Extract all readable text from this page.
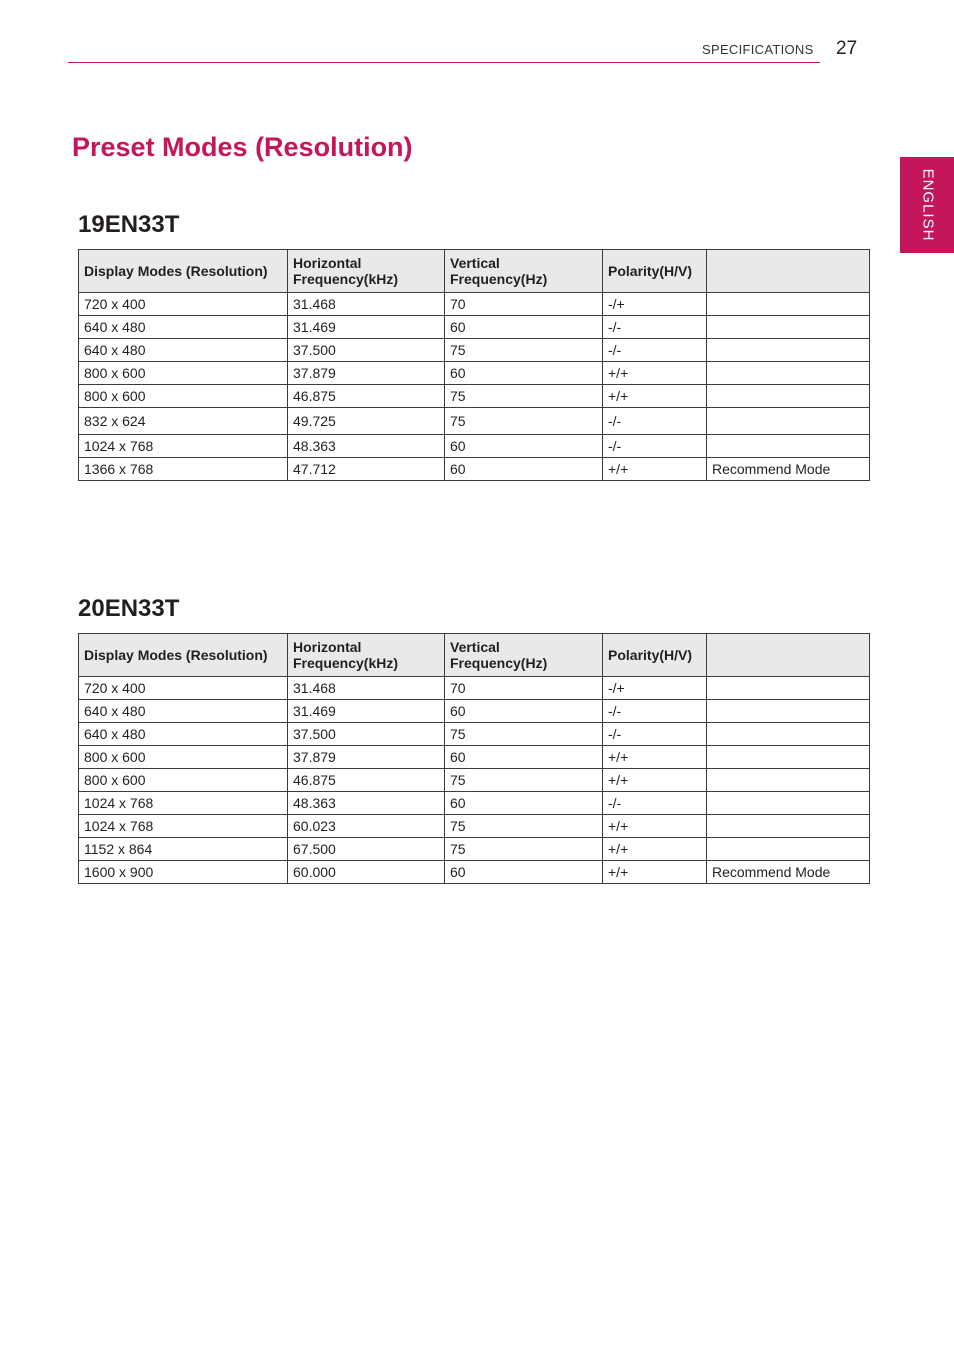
SPECIFICATIONS 27
ENGLISH
Preset Modes (Resolution)
19EN33T
Display Modes (Resolution)	Horizontal Frequency(kHz)	Vertical Frequency(Hz)	Polarity(H/V)	
720 x 400	31.468	70	-/+	
640 x 480	31.469	60	-/-	
640 x 480	37.500	75	-/-	
800 x 600	37.879	60	+/+	
800 x 600	46.875	75	+/+	
832 x 624	49.725	75	-/-	
1024 x 768	48.363	60	-/-	
1366 x 768	47.712	60	+/+	Recommend Mode
20EN33T
Display Modes (Resolution)	Horizontal Frequency(kHz)	Vertical Frequency(Hz)	Polarity(H/V)	
720 x 400	31.468	70	-/+	
640 x 480	31.469	60	-/-	
640 x 480	37.500	75	-/-	
800 x 600	37.879	60	+/+	
800 x 600	46.875	75	+/+	
1024 x 768	48.363	60	-/-	
1024 x 768	60.023	75	+/+	
1152 x 864	67.500	75	+/+	
1600 x 900	60.000	60	+/+	Recommend Mode
